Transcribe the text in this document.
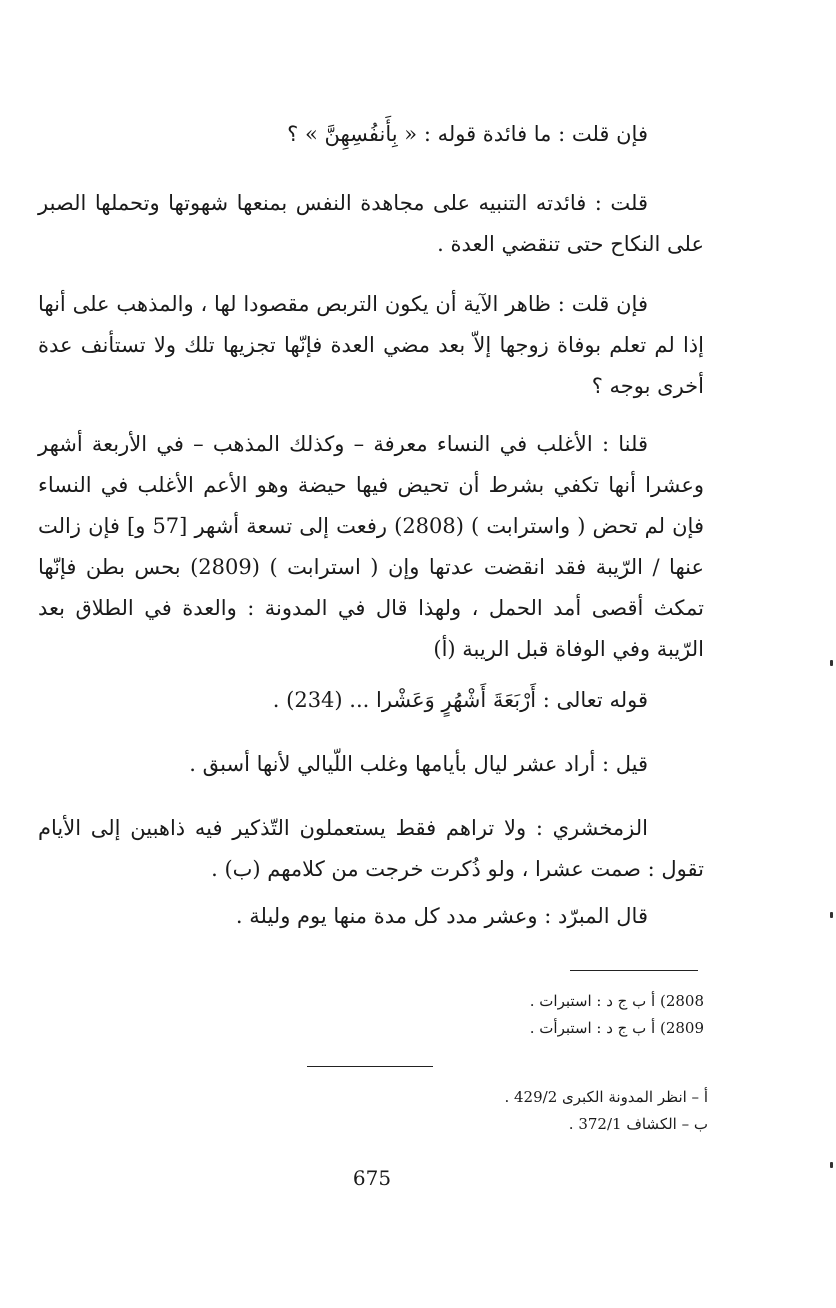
فإن قلت : ما فائدة قوله : « بِأَنفُسِهِنَّ » ؟

قلت : فائدته التنبيه على مجاهدة النفس بمنعها شهوتها وتحملها الصبر على النكاح حتى تنقضي العدة .

فإن قلت : ظاهر الآية أن يكون التربص مقصودا لها ، والمذهب على أنها إذا لم تعلم بوفاة زوجها إلاّ بعد مضي العدة فإنّها تجزيها تلك ولا تستأنف عدة أخرى بوجه ؟

قلنا : الأغلب في النساء معرفة – وكذلك المذهب – في الأربعة أشهر وعشرا أنها تكفي بشرط أن تحيض فيها حيضة وهو الأعم الأغلب في النساء فإن لم تحض ( واسترابت ) (2808) رفعت إلى تسعة أشهر [57 و] فإن زالت عنها / الرّيبة فقد انقضت عدتها وإن ( استرابت ) (2809) بحس بطن فإنّها تمكث أقصى أمد الحمل ، ولهذا قال في المدونة : والعدة في الطلاق بعد الرّيبة وفي الوفاة قبل الريبة (أ)

قوله تعالى : أَرْبَعَةَ أَشْهُرٍ وَعَشْرا ... (234) .

قيل : أراد عشر ليال بأيامها وغلب اللّيالي لأنها أسبق .

الزمخشري : ولا تراهم فقط يستعملون التّذكير فيه ذاهبين إلى الأيام تقول : صمت عشرا ، ولو ذُكرت خرجت من كلامهم (ب) .

قال المبرّد : وعشر مدد كل مدة منها يوم وليلة .

2808) أ ب ج د : استبرات .

2809) أ ب ج د : استبرأت .

أ – انظر المدونة الكبرى 429/2 .

ب – الكشاف 372/1 .

675
